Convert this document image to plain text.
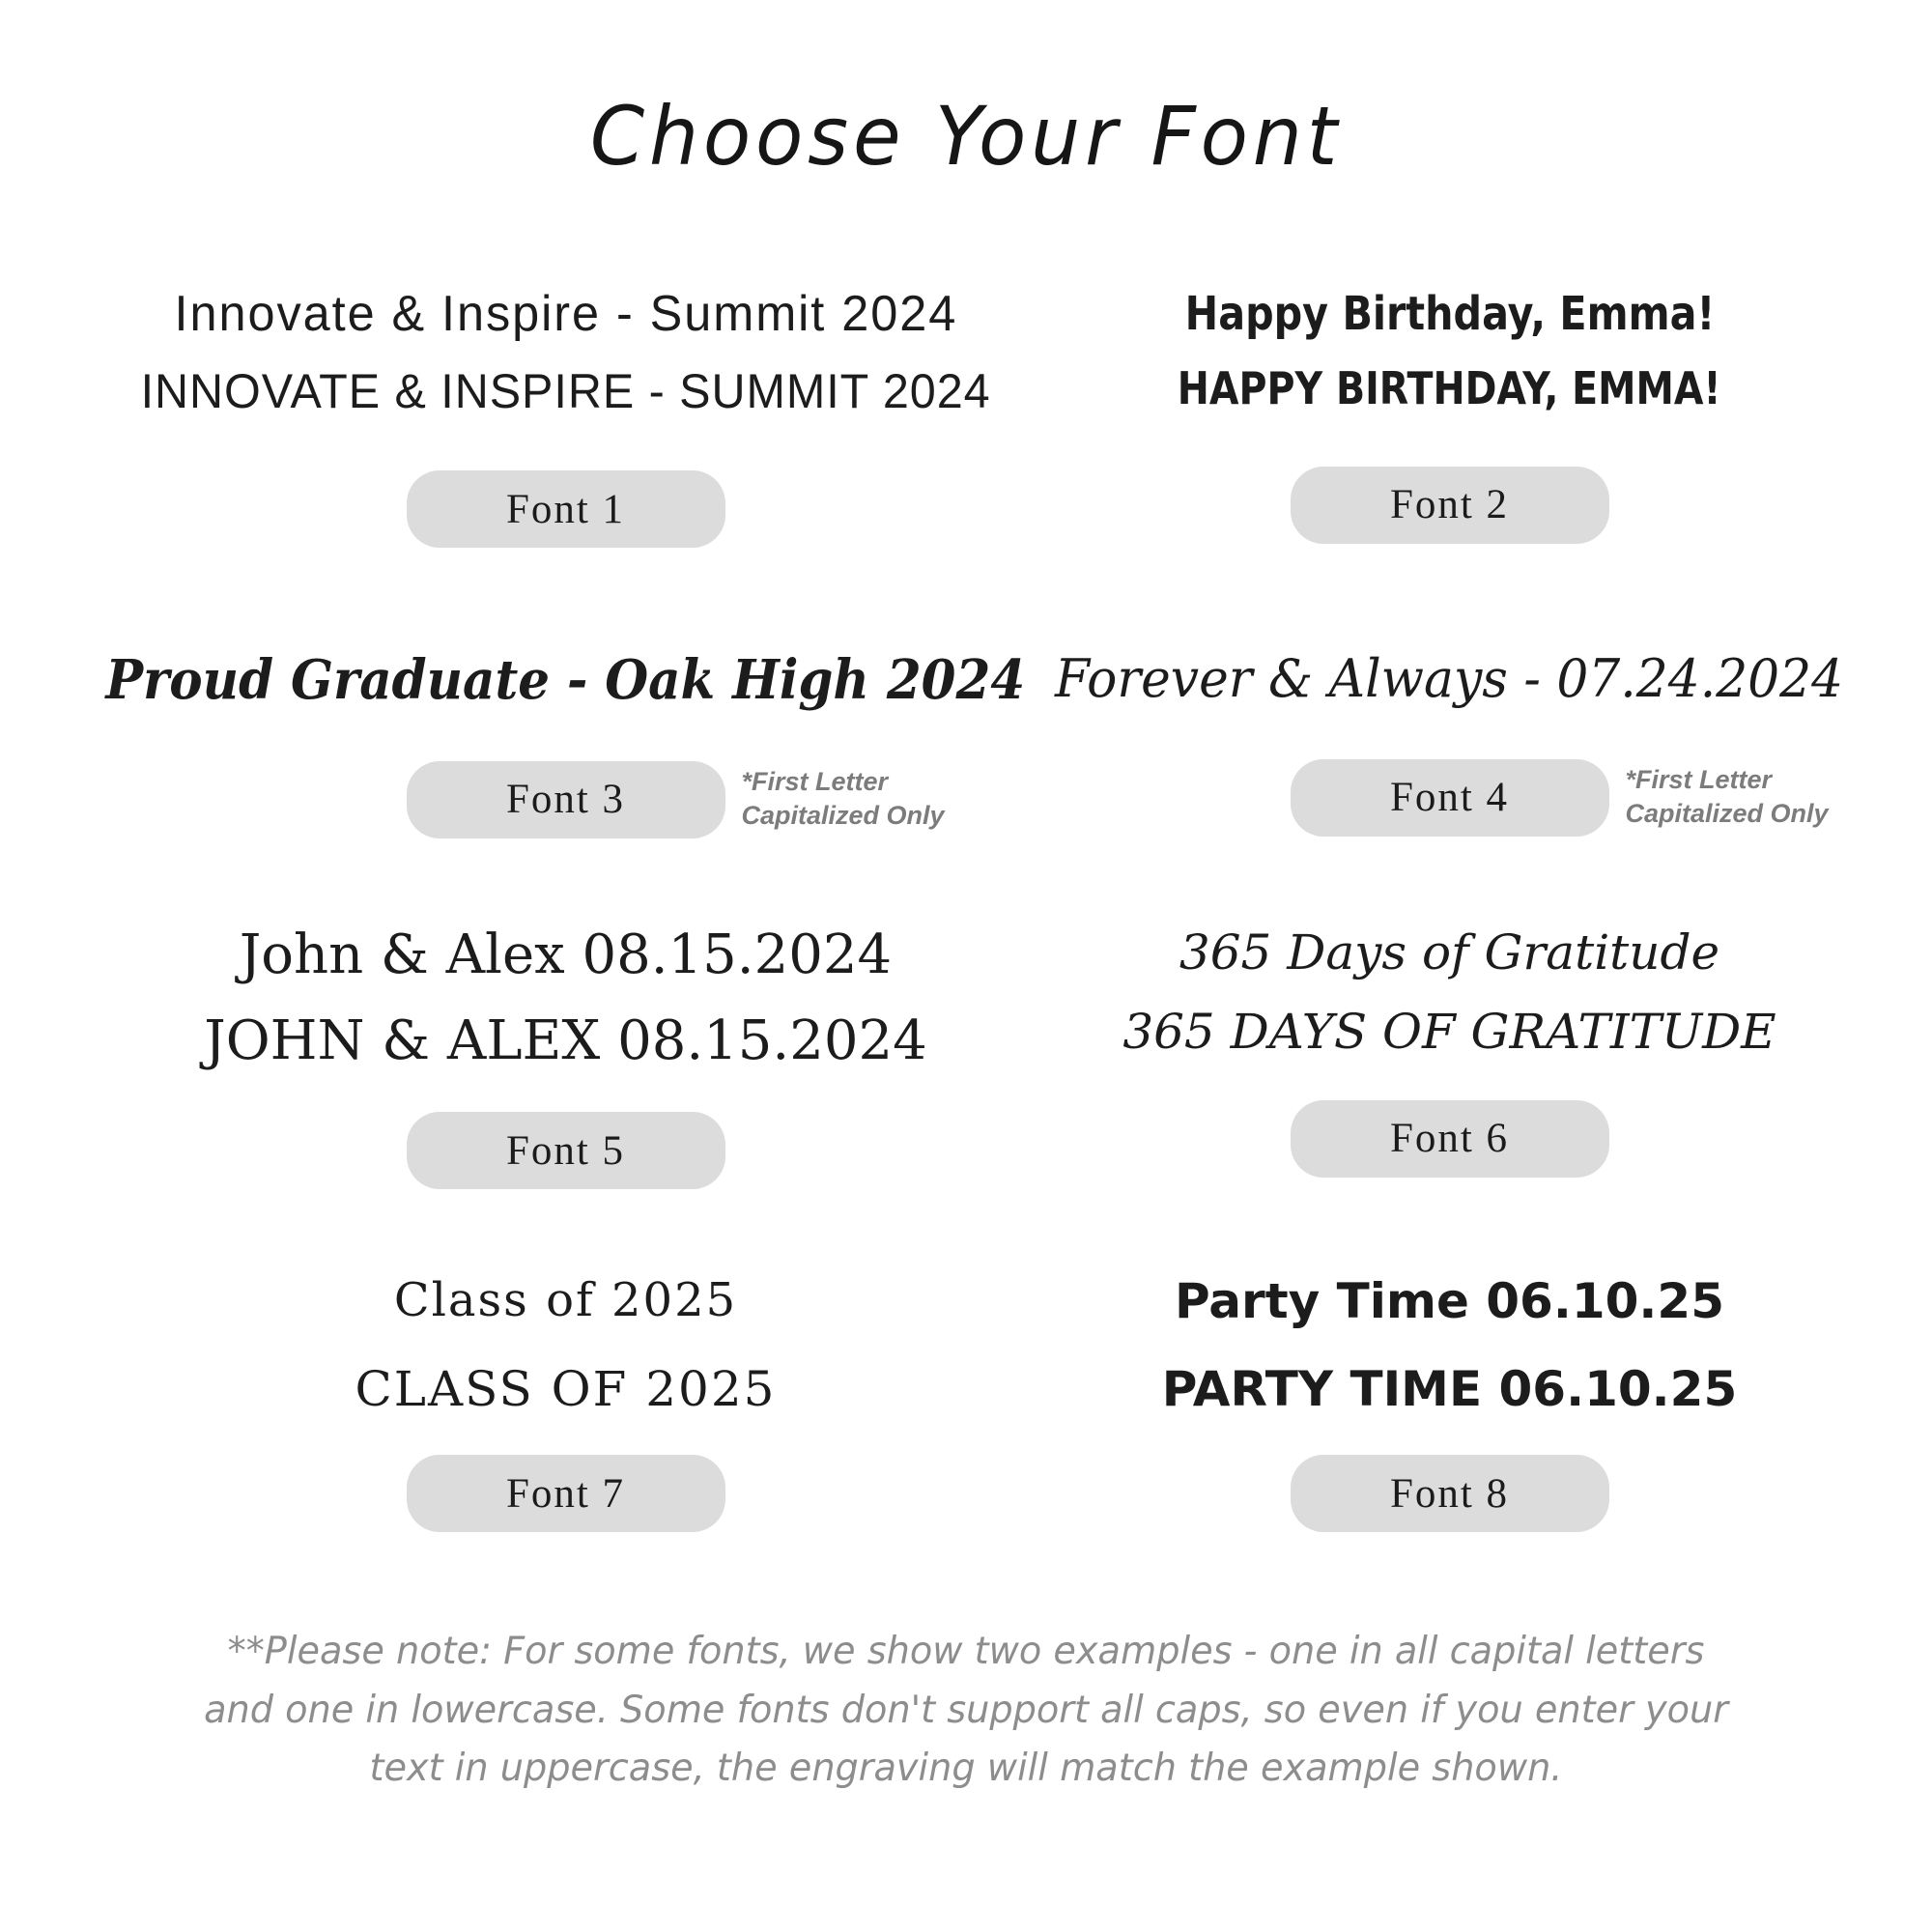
Choose Your Font
Innovate & Inspire - Summit 2024
INNOVATE & INSPIRE - SUMMIT 2024
Font 1
Happy Birthday, Emma!
HAPPY BIRTHDAY, EMMA!
Font 2
Proud Graduate - Oak High 2024
Font 3	*First Letter
Capitalized Only
Forever & Always - 07.24.2024
Font 4	*First Letter
Capitalized Only
John & Alex 08.15.2024
JOHN & ALEX 08.15.2024
Font 5
365 Days of Gratitude
365 DAYS OF GRATITUDE
Font 6
Class of 2025
CLASS OF 2025
Font 7
Party Time 06.10.25
PARTY TIME 06.10.25
Font 8
**Please note: For some fonts, we show two examples - one in all capital letters
and one in lowercase. Some fonts don't support all caps, so even if you enter your
text in uppercase, the engraving will match the example shown.
